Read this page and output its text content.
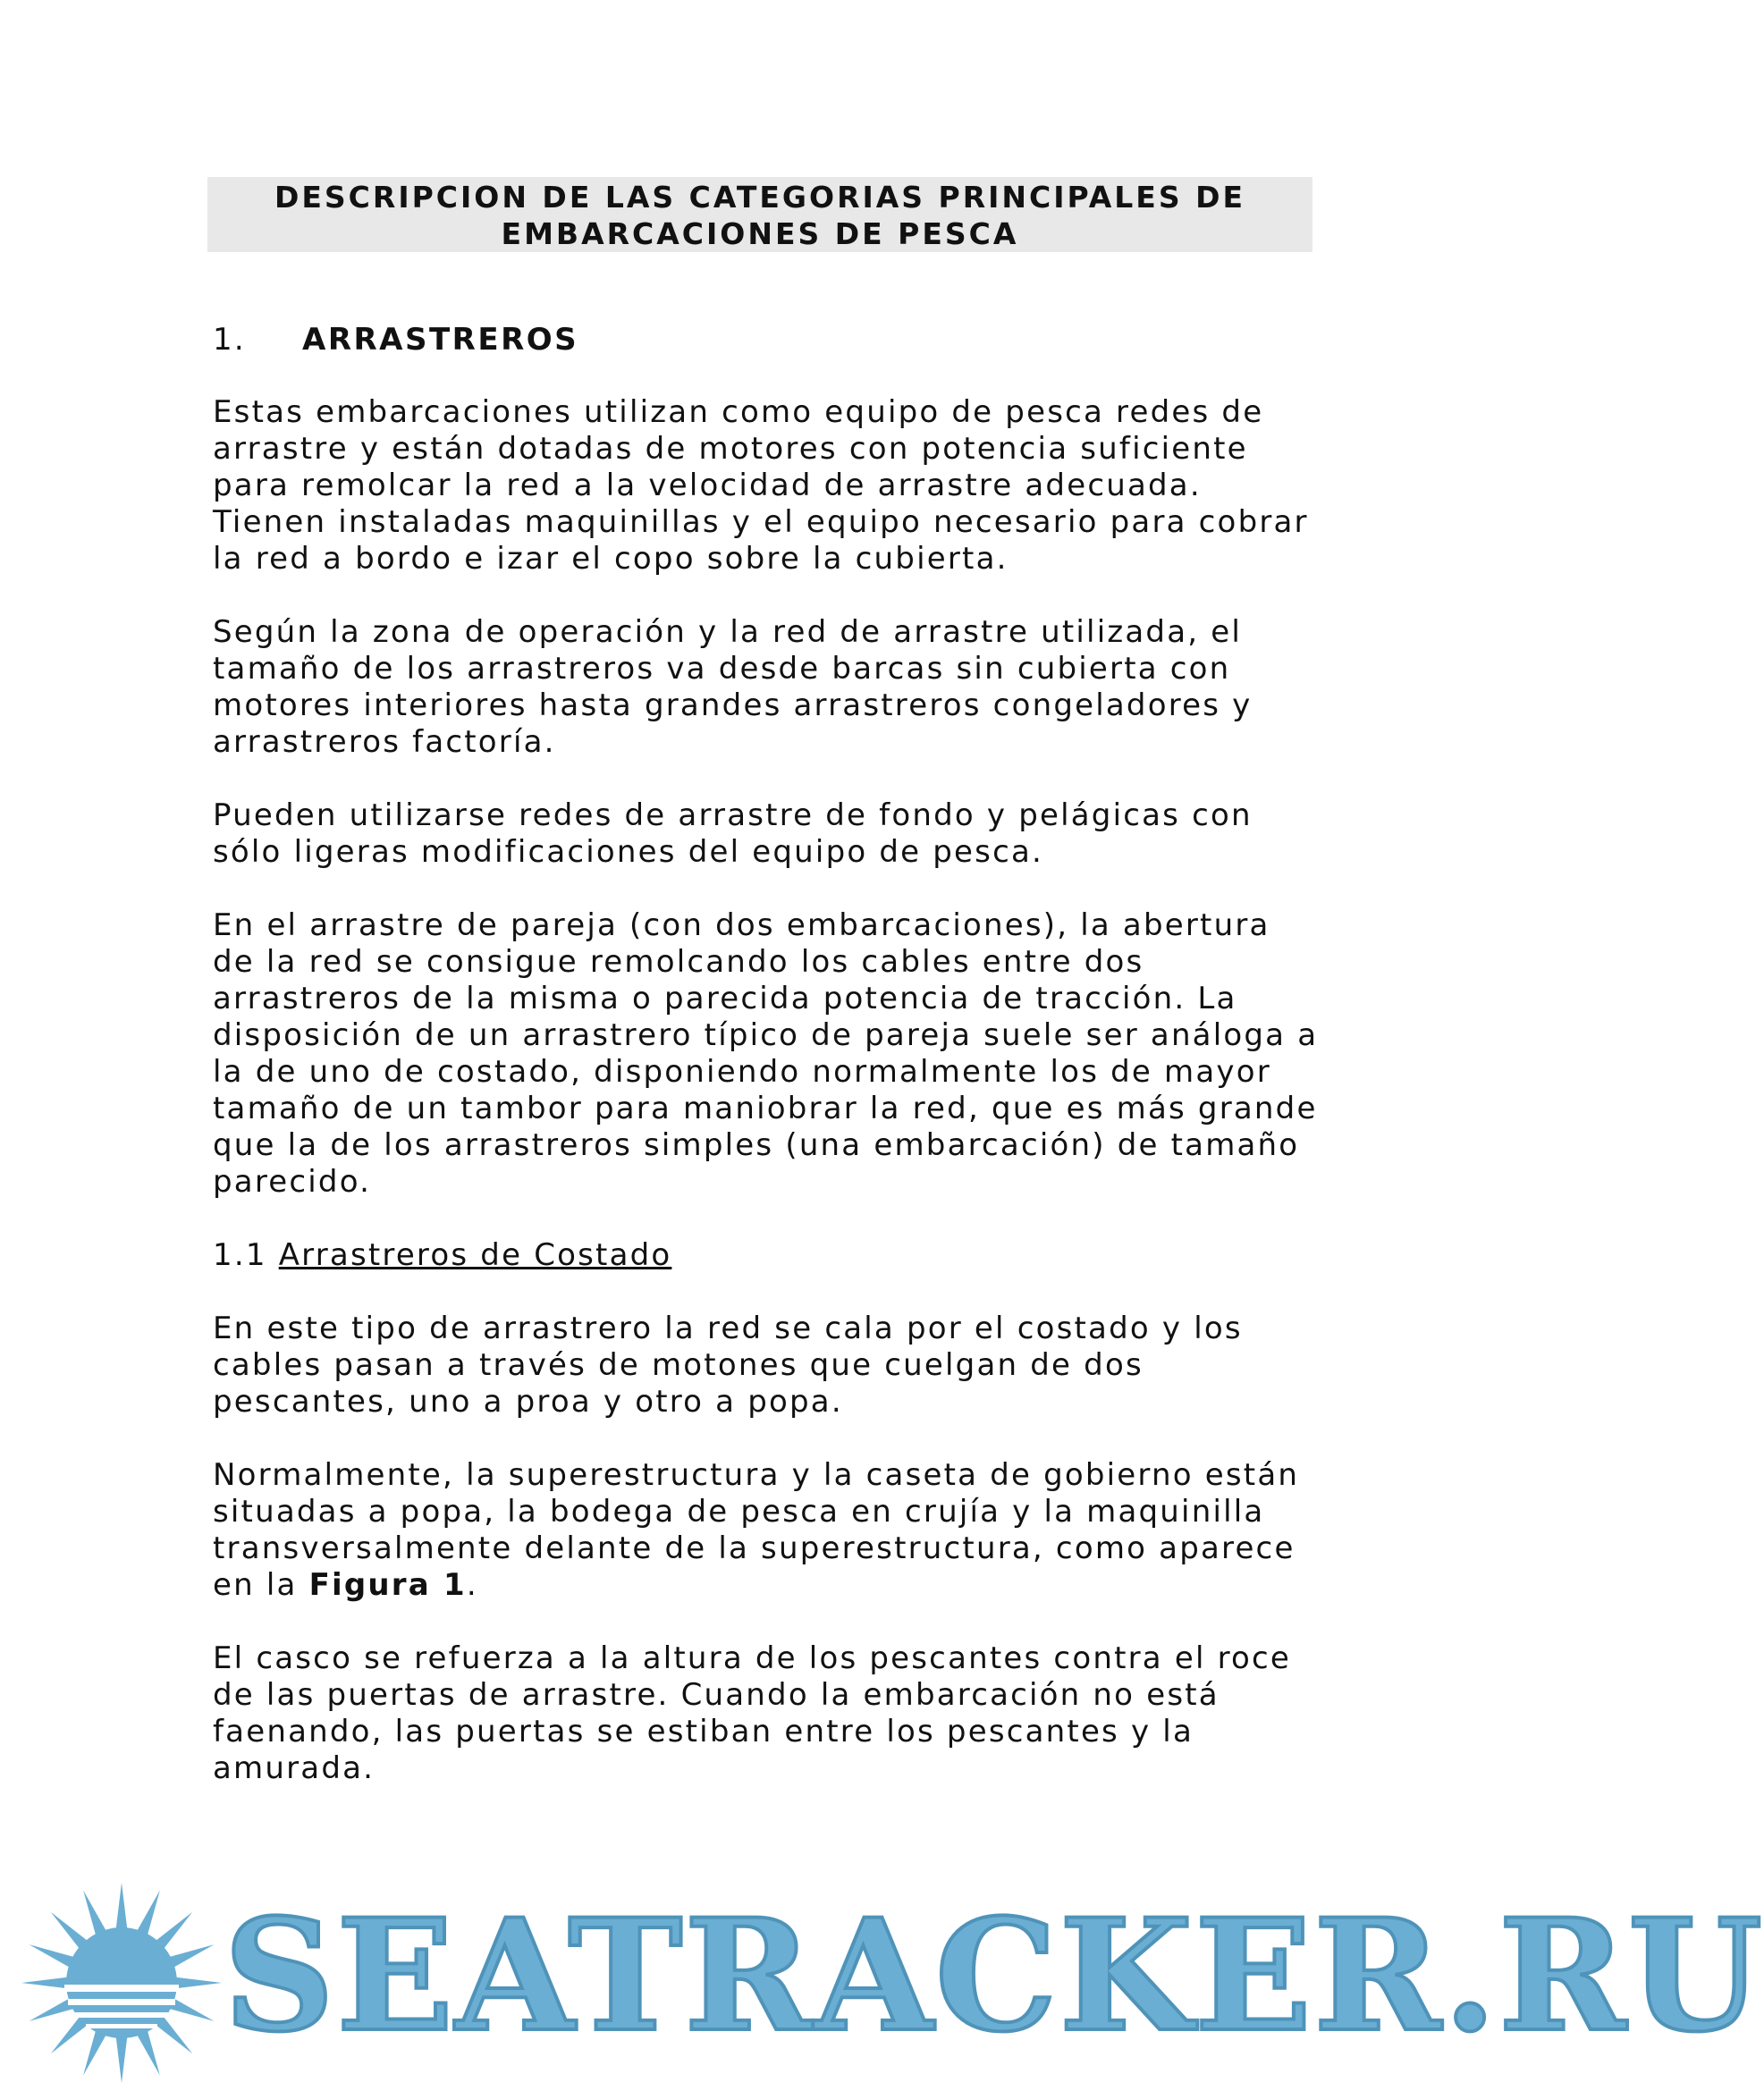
DESCRIPCION DE LAS CATEGORIAS PRINCIPALES DE
EMBARCACIONES DE PESCA
1.	ARRASTREROS

Estas embarcaciones utilizan como equipo de pesca redes de arrastre y están dotadas de motores con potencia suficiente para remolcar la red a la velocidad de arrastre adecuada. Tienen instaladas maquinillas y el equipo necesario para cobrar la red a bordo e izar el copo sobre la cubierta.

Según la zona de operación y la red de arrastre utilizada, el tamaño de los arrastreros va desde barcas sin cubierta con motores interiores hasta grandes arrastreros congeladores y arrastreros factoría.

Pueden utilizarse redes de arrastre de fondo y pelágicas con sólo ligeras modificaciones del equipo de pesca.

En el arrastre de pareja (con dos embarcaciones), la abertura de la red se consigue remolcando los cables entre dos arrastreros de la misma o parecida potencia de tracción. La disposición de un arrastrero típico de pareja suele ser análoga a la de uno de costado, disponiendo normalmente los de mayor tamaño de un tambor para maniobrar la red, que es más grande que la de los arrastreros simples (una embarcación) de tamaño parecido.

1.1 Arrastreros de Costado

En este tipo de arrastrero la red se cala por el costado y los cables pasan a través de motones que cuelgan de dos pescantes, uno a proa y otro a popa.

Normalmente, la superestructura y la caseta de gobierno están situadas a popa, la bodega de pesca en crujía y la maquinilla transversalmente delante de la superestructura, como aparece en la Figura 1.

El casco se refuerza a la altura de los pescantes contra el roce de las puertas de arrastre. Cuando la embarcación no está faenando, las puertas se estiban entre los pescantes y la amurada.

SEATRACKER.RU
